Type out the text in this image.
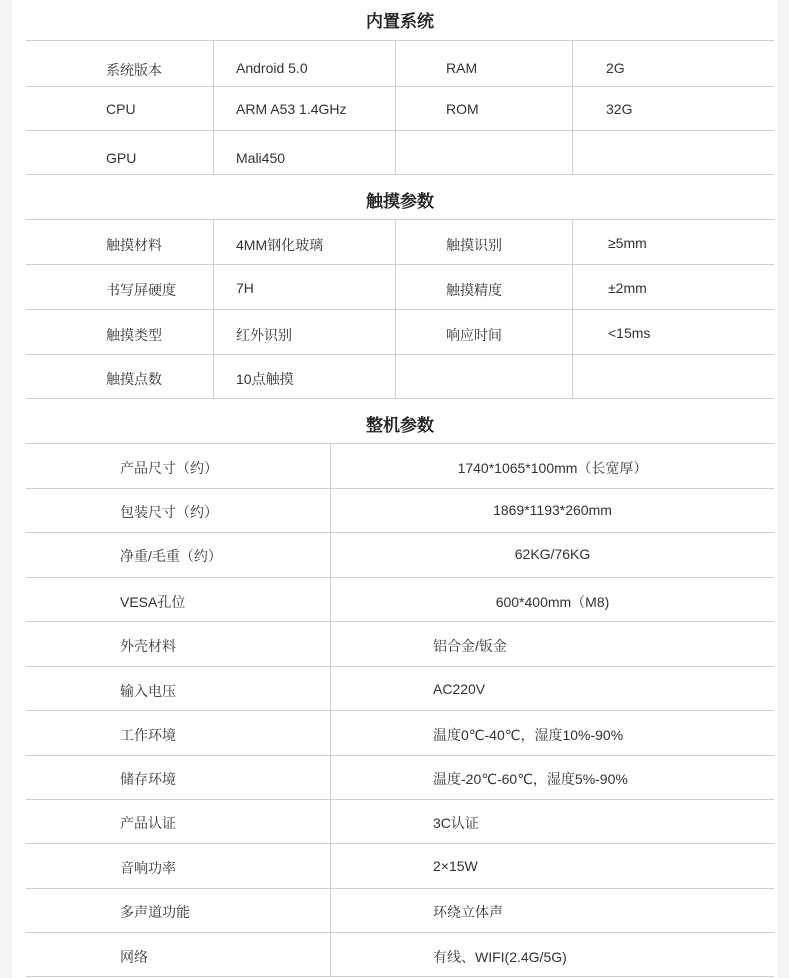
内置系统
系统版本	Android 5.0	RAM	2G
CPU	ARM A53 1.4GHz	ROM	32G
GPU	Mali450
触摸参数
触摸材料	4MM钢化玻璃	触摸识别	≥5mm
书写屏硬度	7H	触摸精度	±2mm
触摸类型	红外识别	响应时间	<15ms
触摸点数	10点触摸
整机参数
产品尺寸（约）	1740*1065*100mm（长宽厚）
包装尺寸（约）	1869*1193*260mm
净重/毛重（约）	62KG/76KG
VESA孔位	600*400mm（M8)
外壳材料	铝合金/钣金
输入电压	AC220V
工作环境	温度0℃-40℃，湿度10%-90%
储存环境	温度-20℃-60℃，湿度5%-90%
产品认证	3C认证
音响功率	2×15W
多声道功能	环绕立体声
网络	有线、WIFI(2.4G/5G)
